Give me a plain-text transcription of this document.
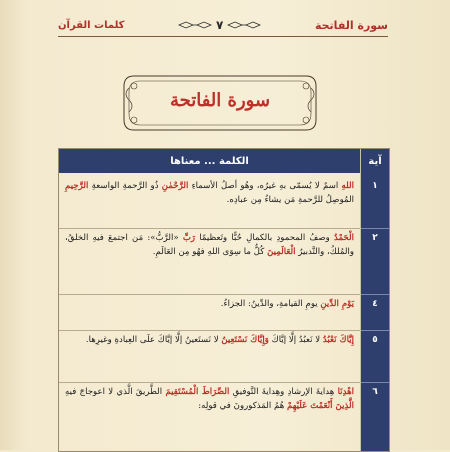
سورة الفاتحة
٧
كلمات القرآن
سورة الفاتحة
آية
الكلمة ... معناها
١
٢
٤
٥
٦
اللهِ اسمٌ لا يُسمّى بهِ غيرُه، وهُو أصلُ الأسماءِ الرَّحْمٰنِ ذُو الرَّحمةِ الواسعةِ الرَّحِيمِ المُوصِلُ للرَّحمةِ مَن يشاءُ مِن عبادِه.
الْحَمْدُ وصفُ المحمودِ بالكمالِ حُبًّا وتَعظيمًا رَبِّ «الرَّبُّ»: مَن اجتمعَ فيهِ الخلقُ، والمُلكُ، والتَّدبيرُ الْعَالَمِينَ كُلُّ ما سِوَى اللهِ فهُو مِن العَالَمِ.
يَوْمِ الدِّينِ يومِ القيامةِ، والدِّينُ: الجزاءُ.
إِيَّاكَ نَعْبُدُ لا نَعبُدُ إلَّا إيَّاكَ وَإِيَّاكَ نَسْتَعِينُ لا نَستَعينُ إلَّا إيَّاكَ علَى العِبادةِ وغيرِها.
اهْدِنَا هِدايةَ الإرشادِ وهِدايةَ التَّوفيقِ الصِّرَاطَ الْمُسْتَقِيمَ الطَّريقَ الَّذي لا اعوجاجَ فيهِ الَّذِينَ أَنْعَمْتَ عَلَيْهِمْ هُمُ المَذكورونَ في قولِه:
